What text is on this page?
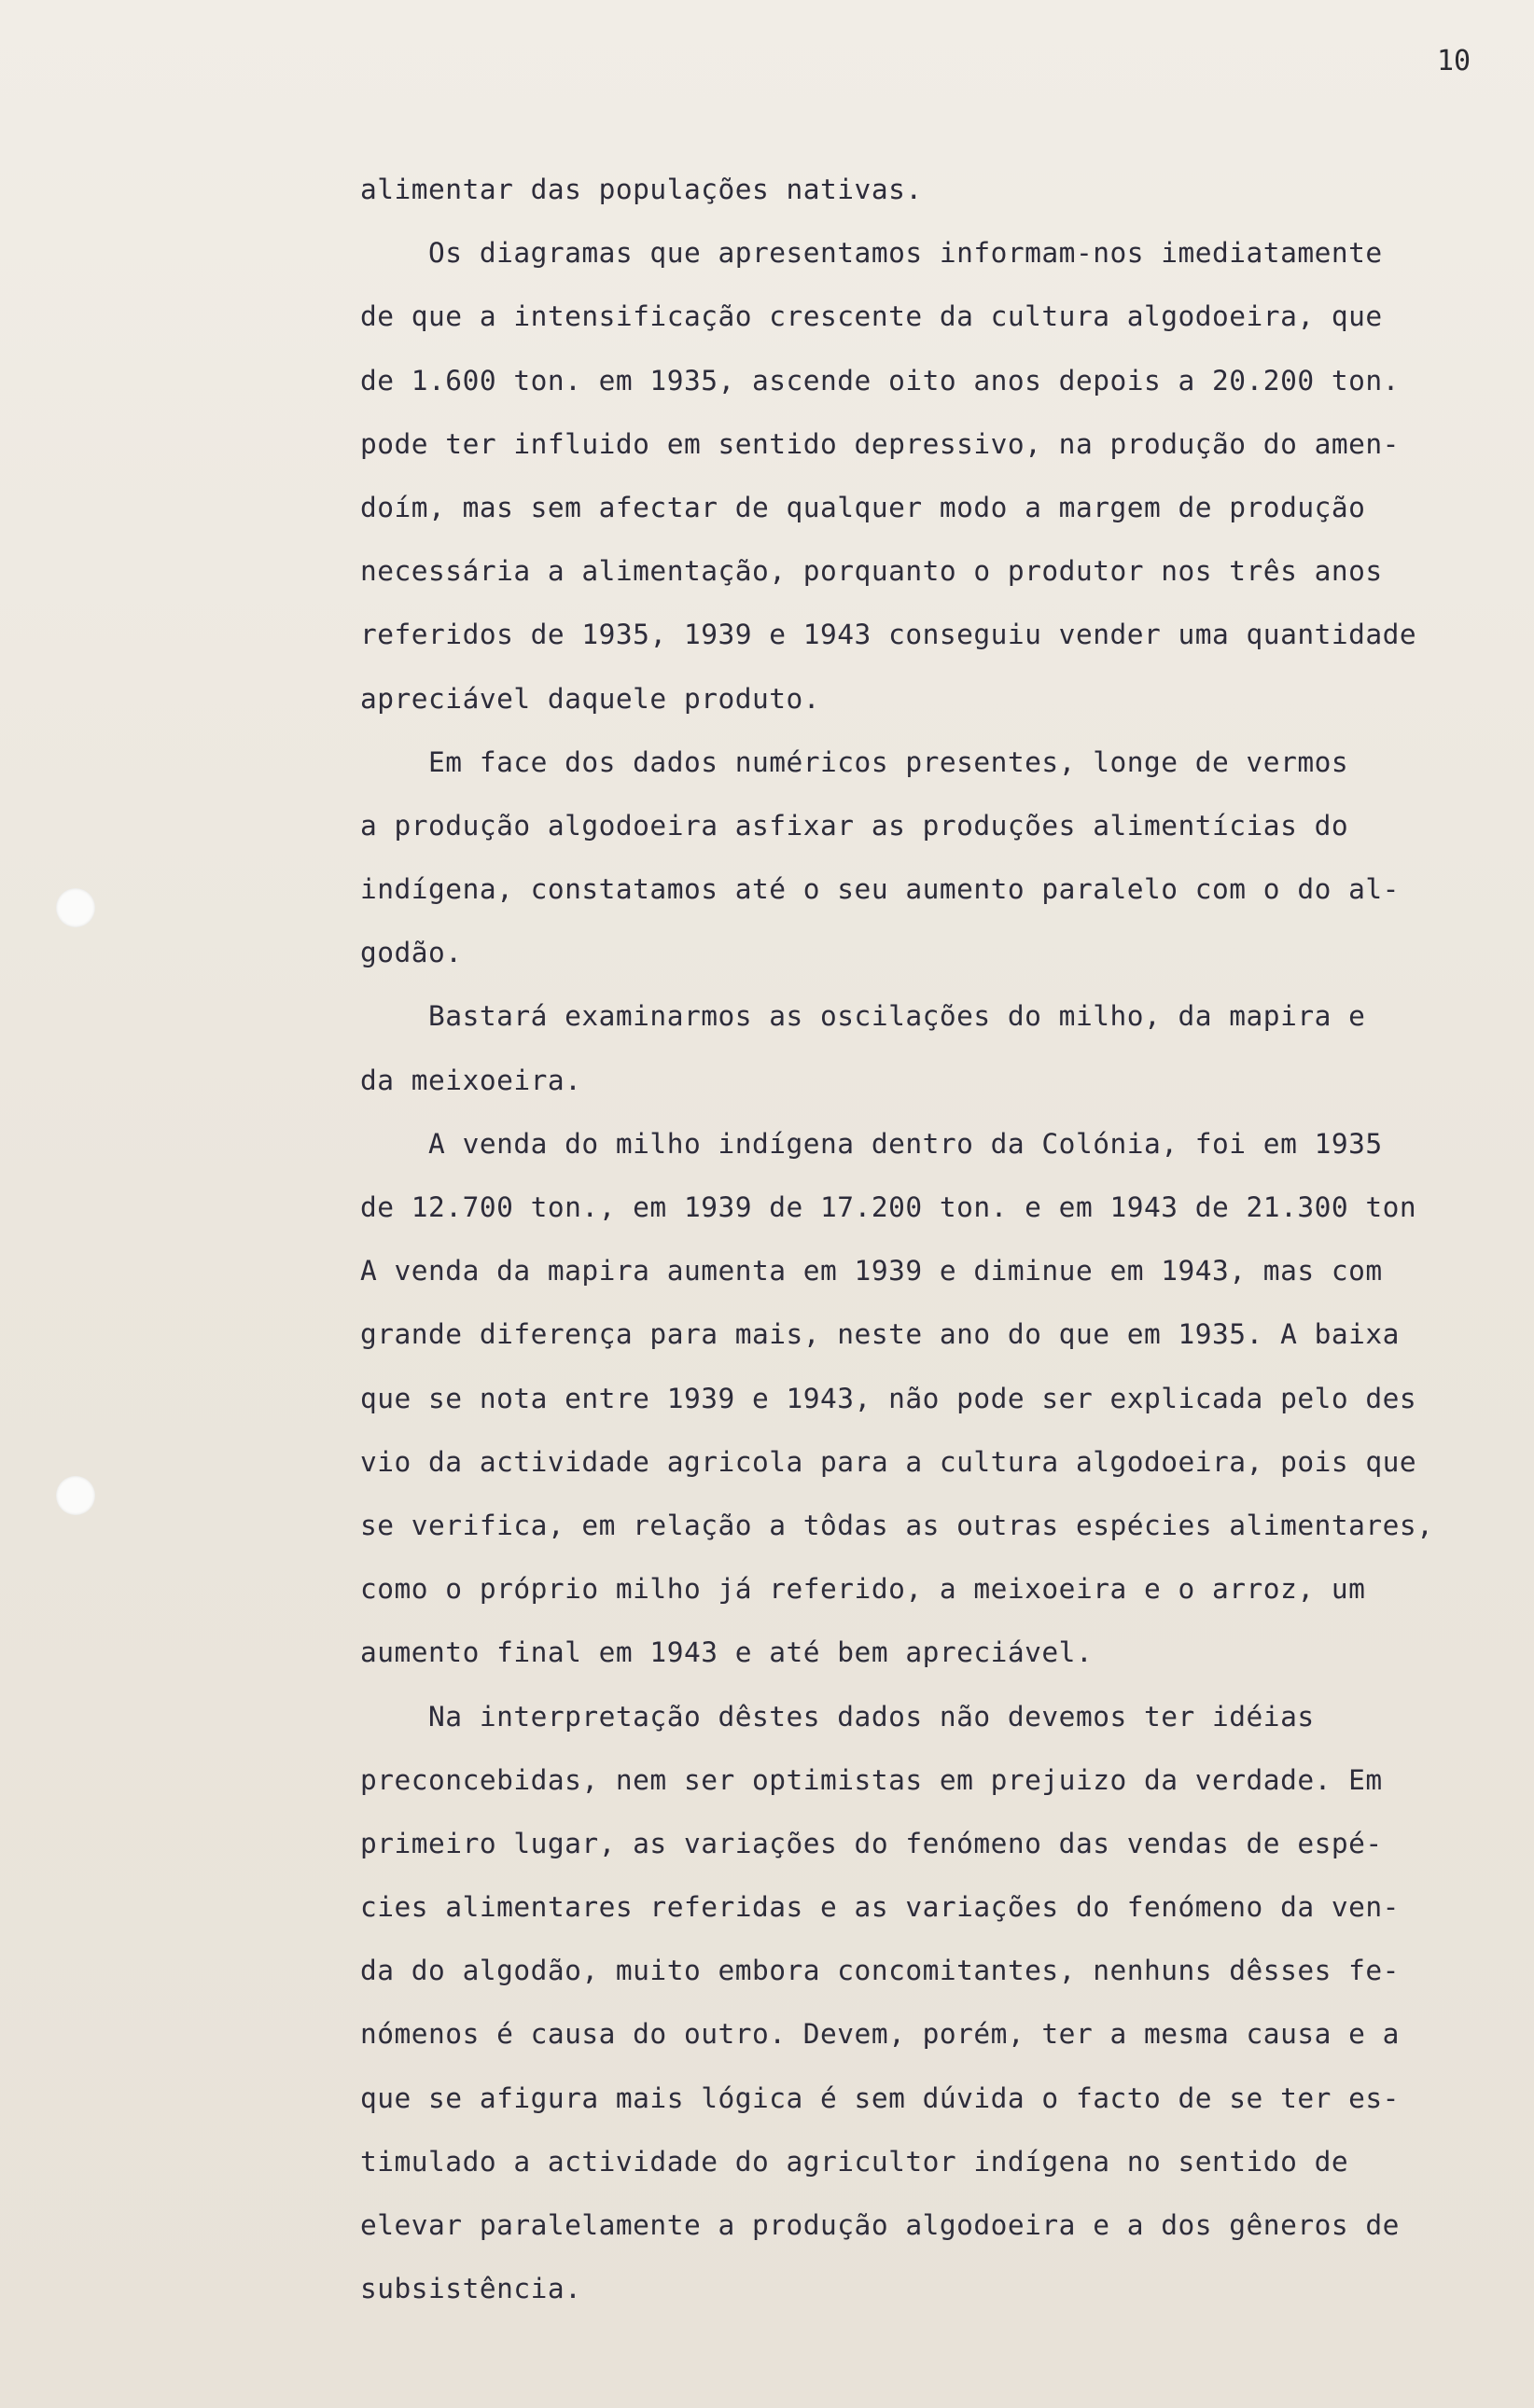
10
alimentar das populações nativas.
Os diagramas que apresentamos informam-nos imediatamente
de que a intensificação crescente da cultura algodoeira, que
de 1.600 ton. em 1935, ascende oito anos depois a 20.200 ton.
pode ter influido em sentido depressivo, na produção do amen-
doím, mas sem afectar de qualquer modo a margem de produção
necessária a alimentação, porquanto o produtor nos três anos
referidos de 1935, 1939 e 1943 conseguiu vender uma quantidade
apreciável daquele produto.
Em face dos dados numéricos presentes, longe de vermos
a produção algodoeira asfixar as produções alimentícias do
indígena, constatamos até o seu aumento paralelo com o do al-
godão.
Bastará examinarmos as oscilações do milho, da mapira e
da meixoeira.
A venda do milho indígena dentro da Colónia, foi em 1935
de 12.700 ton., em 1939 de 17.200 ton. e em 1943 de 21.300 ton
A venda da mapira aumenta em 1939 e diminue em 1943, mas com
grande diferença para mais, neste ano do que em 1935. A baixa
que se nota entre 1939 e 1943, não pode ser explicada pelo des
vio da actividade agricola para a cultura algodoeira, pois que
se verifica, em relação a tôdas as outras espécies alimentares,
como o próprio milho já referido, a meixoeira e o arroz, um
aumento final em 1943 e até bem apreciável.
Na interpretação dêstes dados não devemos ter idéias
preconcebidas, nem ser optimistas em prejuizo da verdade. Em
primeiro lugar, as variações do fenómeno das vendas de espé-
cies alimentares referidas e as variações do fenómeno da ven-
da do algodão, muito embora concomitantes, nenhuns dêsses fe-
nómenos é causa do outro. Devem, porém, ter a mesma causa e a
que se afigura mais lógica é sem dúvida o facto de se ter es-
timulado a actividade do agricultor indígena no sentido de
elevar paralelamente a produção algodoeira e a dos gêneros de
subsistência.
